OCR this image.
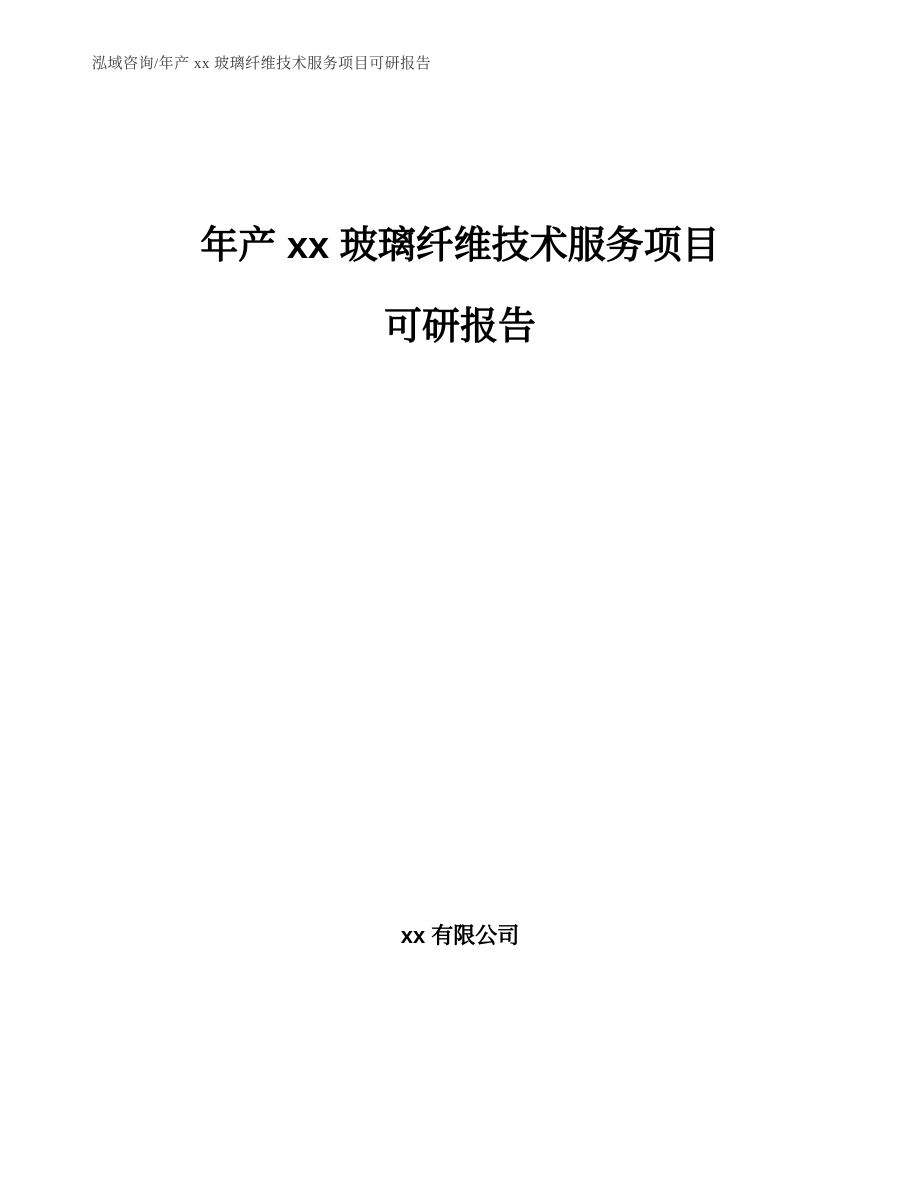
泓域咨询/年产 xx 玻璃纤维技术服务项目可研报告
年产 xx 玻璃纤维技术服务项目
可研报告
xx 有限公司
